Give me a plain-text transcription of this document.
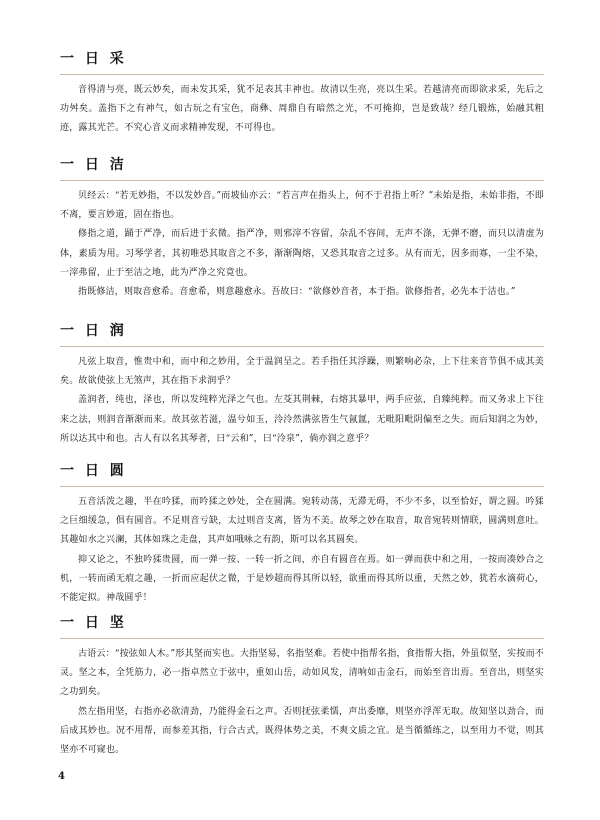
一 日 采

音得清与亮，既云妙矣，而未发其采，犹不足表其丰神也。故清以生亮，亮以生采。若越清亮而即欲求采，先后之功舛矣。盖指下之有神气，如古玩之有宝色，商彝、周鼎自有暗然之光，不可掩抑，岂是致哉？经几锻炼，始融其粗迹，露其光芒。不究心音义而求精神发现，不可得也。

一 日 洁

贝经云：“若无妙指，不以发妙音。”而坡仙亦云：“若言声在指头上，何不于君指上听？”未始是指，未始非指，不即不离，要言妙道，固在指也。

修指之道，踊于严净，而后进于玄微。指严净，则邪滓不容留，杂乱不容间，无声不涤，无弹不磨，而只以清虚为体，素质为用。习琴学者，其初唯恐其取音之不多，渐渐陶熔，又恐其取音之过多。从有而无，因多而寡，一尘不染，一滓弗留，止于至洁之地，此为严净之究竟也。

指既修洁，则取音愈希。音愈希，则意趣愈永。吾故曰：“欲修妙音者，本于指。欲修指者，必先本于洁也。”

一 日 润

凡弦上取音，惟贵中和，而中和之妙用，全于温润呈之。若手指任其浮躁，则繁响必杂，上下往来音节俱不成其美矣。故欲使弦上无煞声，其在指下求润乎？

盖润者，纯也，泽也，所以发纯粹光泽之气也。左芟其荆棘，右熔其暴甲，两手应弦，自臻纯粹。而又务求上下往来之法，则润音渐渐而来。故其弦若滋，温兮如玉，泠泠然满弦皆生气氤氲，无毗阳毗阴偏至之失。而后知润之为妙，所以达其中和也。古人有以名其琴者，曰“云和”，曰“泠泉”，倘亦润之意乎？

一 日 圆

五音活泼之趣，半在吟猱，而吟猱之妙处，全在圆满。宛转动荡，无滞无碍，不少不多，以至恰好，谓之圆。吟猱之巨细缓急，俱有圆音。不足则音亏缺，太过则音支离，皆为不美。故琴之妙在取音，取音宛转则情联，圆满则意吐。其趣如水之兴澜，其体如珠之走盘，其声如哦咏之有韵，斯可以名其圆矣。

抑又论之，不独吟猱贵圆，而一弹一按、一转一折之间，亦自有圆音在焉。如一弹而获中和之用，一按而凑妙合之机，一转而函无痕之趣，一折而应起伏之微，于是妙超而得其所以轻，欲重而得其所以重，天然之妙，犹若水滴荷心，不能定拟。神哉圆乎！

一 日 坚

古语云：“按弦如人木。”形其坚而实也。大指坚易，名指坚难。若使中指帮名指，食指帮大指，外虽似坚，实按而不灵。坚之本，全凭筋力，必一指卓然立于弦中，重如山岳，动如风发，清响如击金石，而始至音出焉。至音出，则坚实之功到矣。

然左指用坚，右指亦必欲清劲，乃能得金石之声。否则抚弦柔懦，声出委靡，则坚亦浮浑无取。故知坚以劲合，而后成其妙也。况不用帮，而参差其指，行合古式，既得体势之美，不爽文质之宜。是当循循练之，以至用力不觉，则其坚亦不可窥也。

4
